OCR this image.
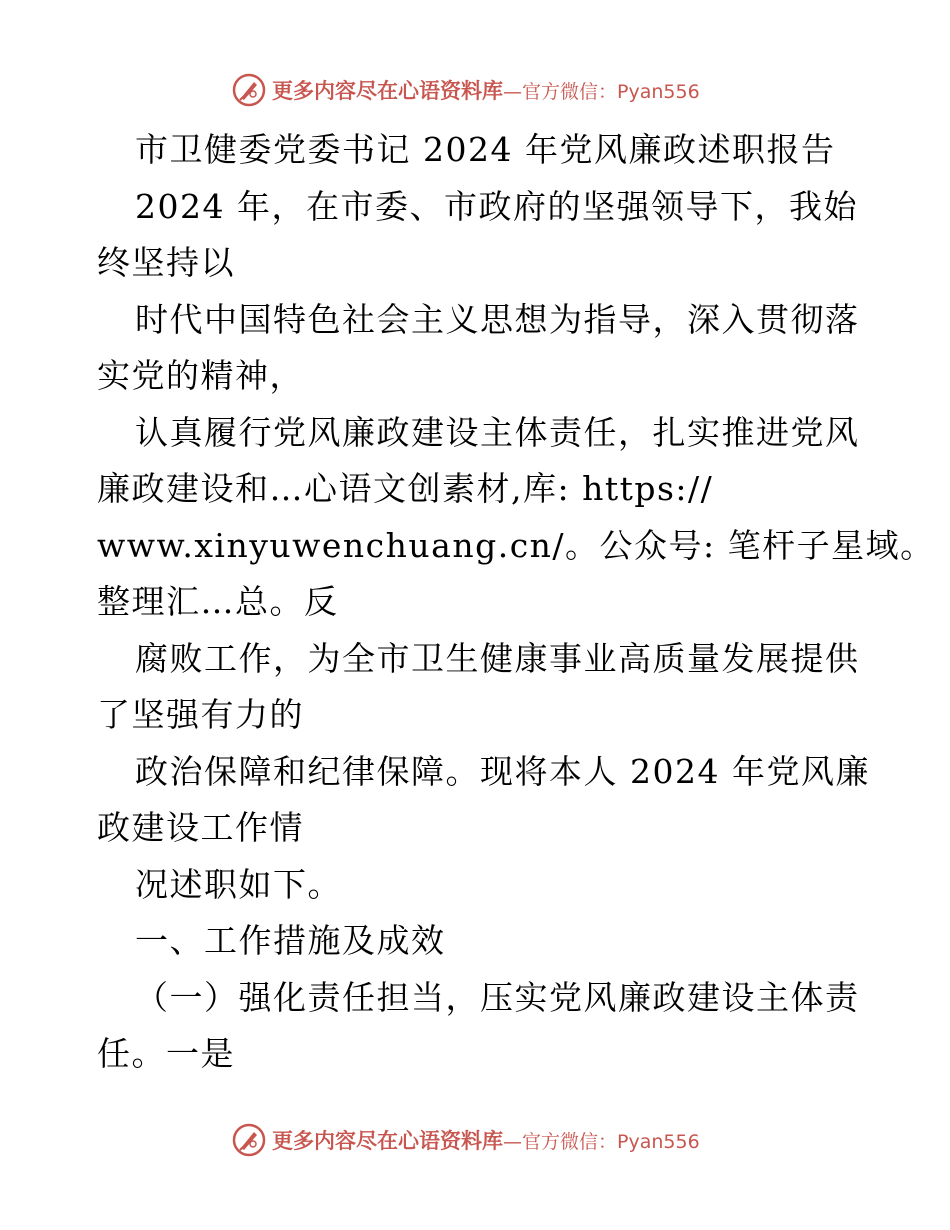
更多内容尽在心语资料库 —官方微信：Pyan556
市卫健委党委书记 2024 年党风廉政述职报告
2024 年，在市委、市政府的坚强领导下，我始
终坚持以
时代中国特色社会主义思想为指导，深入贯彻落
实党的精神，
认真履行党风廉政建设主体责任，扎实推进党风
廉政建设和…心语文创素材,库: https://
www.xinyuwenchuang.cn/。公众号: 笔杆子星域。
整理汇…总。反
腐败工作，为全市卫生健康事业高质量发展提供
了坚强有力的
政治保障和纪律保障。现将本人 2024 年党风廉
政建设工作情
况述职如下。
一、工作措施及成效
（一）强化责任担当，压实党风廉政建设主体责
任。一是
更多内容尽在心语资料库 —官方微信：Pyan556
